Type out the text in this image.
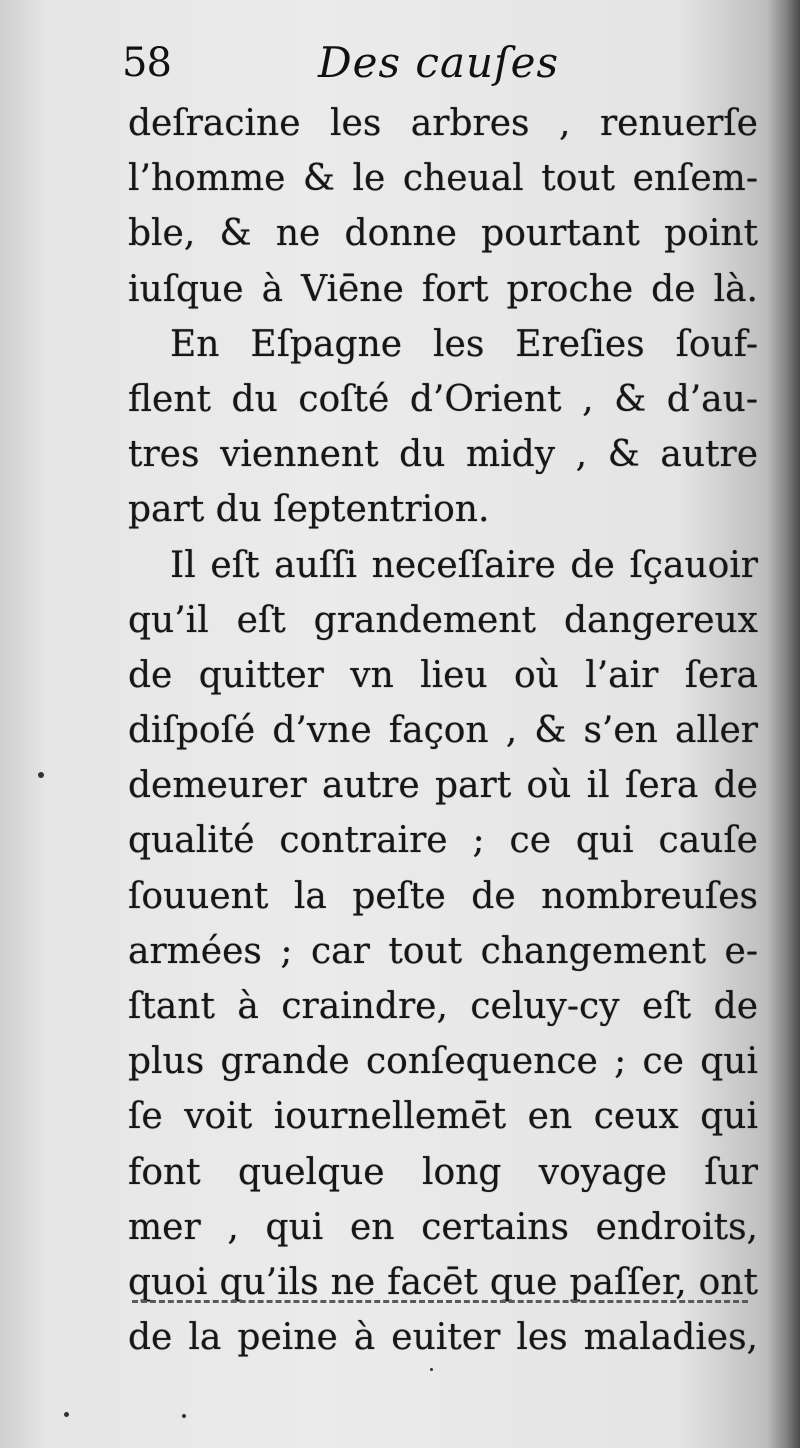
58	Des cauſes
deſracine les arbres , renuerſe
l’homme & le cheual tout enſem-
ble, & ne donne pourtant point
iuſque à Viēne fort proche de là.
En Eſpagne les Ereſies ſouf-
flent du coſté d’Orient , & d’au-
tres viennent du midy , & autre
part du ſeptentrion.
Il eſt auſſi neceſſaire de ſçauoir
qu’il eſt grandement dangereux
de quitter vn lieu où l’air ſera
diſpoſé d’vne façon , & s’en aller
demeurer autre part où il ſera de
qualité contraire ; ce qui cauſe
ſouuent la peſte de nombreuſes
armées ; car tout changement e-
ſtant à craindre, celuy-cy eſt de
plus grande conſequence ; ce qui
ſe voit iournellemēt en ceux qui
font quelque long voyage ſur
mer , qui en certains endroits,
quoi qu’ils ne facēt que paſſer, ont
de la peine à euiter les maladies,
